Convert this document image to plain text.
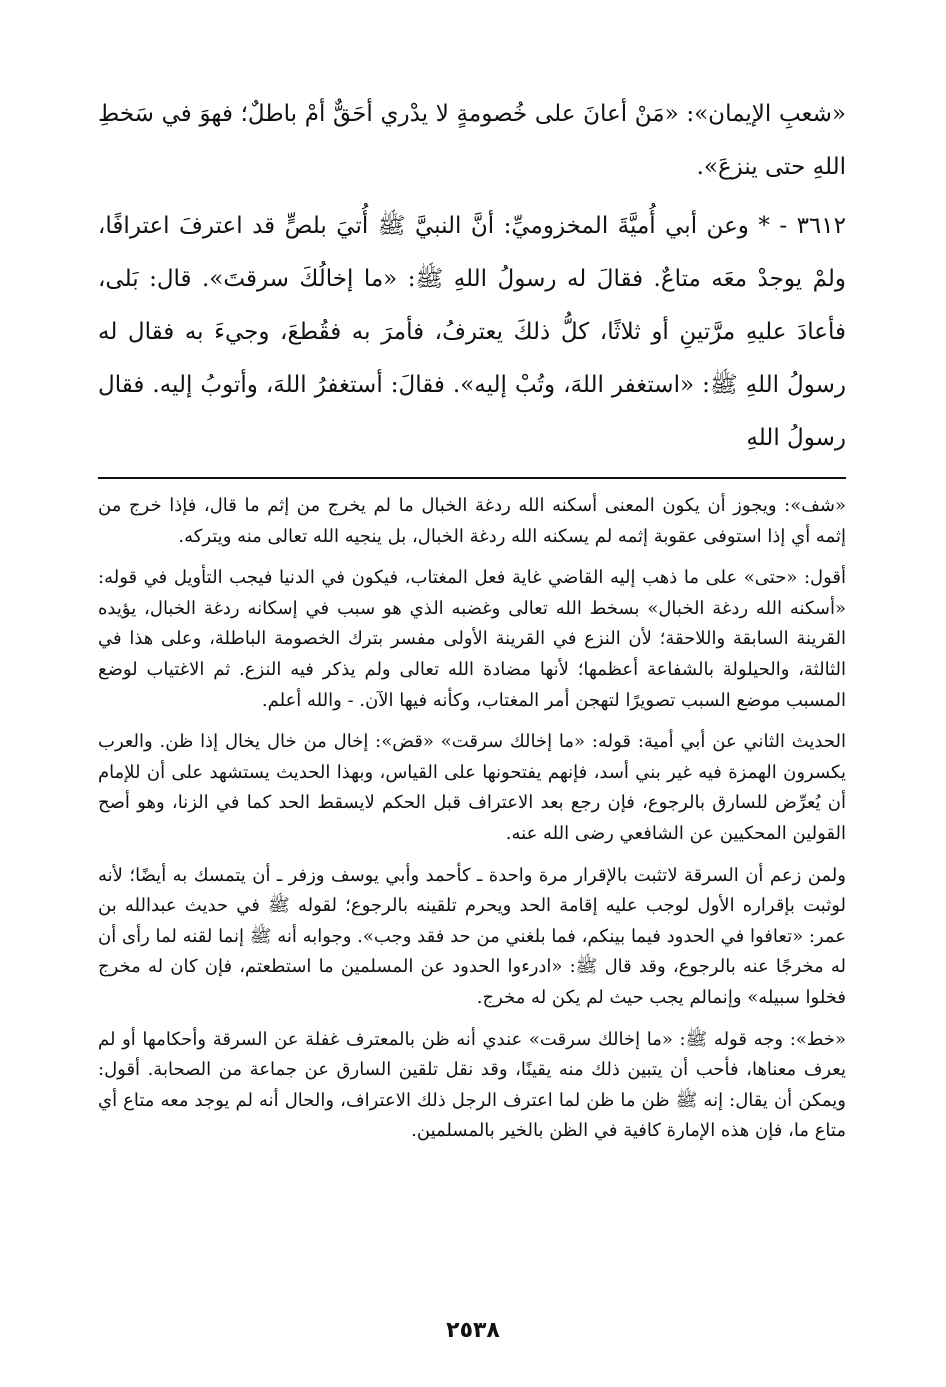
«شعبِ الإيمان»: «مَنْ أعانَ على خُصومةٍ لا يدْري أحَقٌّ أمْ باطلٌ؛ فهوَ في سَخطِ اللهِ حتى ينزعَ».

٣٦١٢ - * وعن أبي أُميَّةَ المخزوميِّ: أنَّ النبيَّ ﷺ أُتيَ بلصٍّ قد اعترفَ اعترافًا، ولمْ يوجدْ معَه متاعٌ. فقالَ له رسولُ اللهِ ﷺ: «ما إخالُكَ سرقتَ». قال: بَلى، فأعادَ عليهِ مرَّتينِ أو ثلاثًا، كلُّ ذلكَ يعترفُ، فأمرَ به فقُطعَ، وجيءَ به فقال له رسولُ اللهِ ﷺ: «استغفر اللهَ، وتُبْ إليه». فقالَ: أستغفرُ اللهَ، وأتوبُ إليه. فقال رسولُ اللهِ

«شف»: ويجوز أن يكون المعنى أسكنه الله ردغة الخبال ما لم يخرج من إثم ما قال، فإذا خرج من إثمه أي إذا استوفى عقوبة إثمه لم يسكنه الله ردغة الخبال، بل ينجيه الله تعالى منه ويتركه.

أقول: «حتى» على ما ذهب إليه القاضي غاية فعل المغتاب، فيكون في الدنيا فيجب التأويل في قوله: «أسكنه الله ردغة الخبال» بسخط الله تعالى وغضبه الذي هو سبب في إسكانه ردغة الخبال، يؤيده القرينة السابقة واللاحقة؛ لأن النزع في القرينة الأولى مفسر بترك الخصومة الباطلة، وعلى هذا في الثالثة، والحيلولة بالشفاعة أعظمها؛ لأنها مضادة الله تعالى ولم يذكر فيه النزع. ثم الاغتياب لوضع المسبب موضع السبب تصويرًا لتهجن أمر المغتاب، وكأنه فيها الآن. - والله أعلم.

الحديث الثاني عن أبي أمية: قوله: «ما إخالك سرقت» «قض»: إخال من خال يخال إذا ظن. والعرب يكسرون الهمزة فيه غير بني أسد، فإنهم يفتحونها على القياس، وبهذا الحديث يستشهد على أن للإمام أن يُعرِّض للسارق بالرجوع، فإن رجع بعد الاعتراف قبل الحكم لايسقط الحد كما في الزنا، وهو أصح القولين المحكيين عن الشافعي رضى الله عنه.

ولمن زعم أن السرقة لاتثبت بالإقرار مرة واحدة ـ كأحمد وأبي يوسف وزفر ـ أن يتمسك به أيضًا؛ لأنه لوثبت بإقراره الأول لوجب عليه إقامة الحد ويحرم تلقينه بالرجوع؛ لقوله ﷺ في حديث عبدالله بن عمر: «تعافوا في الحدود فيما بينكم، فما بلغني من حد فقد وجب». وجوابه أنه ﷺ إنما لقنه لما رأى أن له مخرجًا عنه بالرجوع، وقد قال ﷺ: «ادرءوا الحدود عن المسلمين ما استطعتم، فإن كان له مخرج فخلوا سبيله» وإنمالم يجب حيث لم يكن له مخرج.

«خط»: وجه قوله ﷺ: «ما إخالك سرقت» عندي أنه ظن بالمعترف غفلة عن السرقة وأحكامها أو لم يعرف معناها، فأحب أن يتبين ذلك منه يقينًا، وقد نقل تلقين السارق عن جماعة من الصحابة. أقول: ويمكن أن يقال: إنه ﷺ ظن ما ظن لما اعترف الرجل ذلك الاعتراف، والحال أنه لم يوجد معه متاع أي متاع ما، فإن هذه الإمارة كافية في الظن بالخير بالمسلمين.

٢٥٣٨
